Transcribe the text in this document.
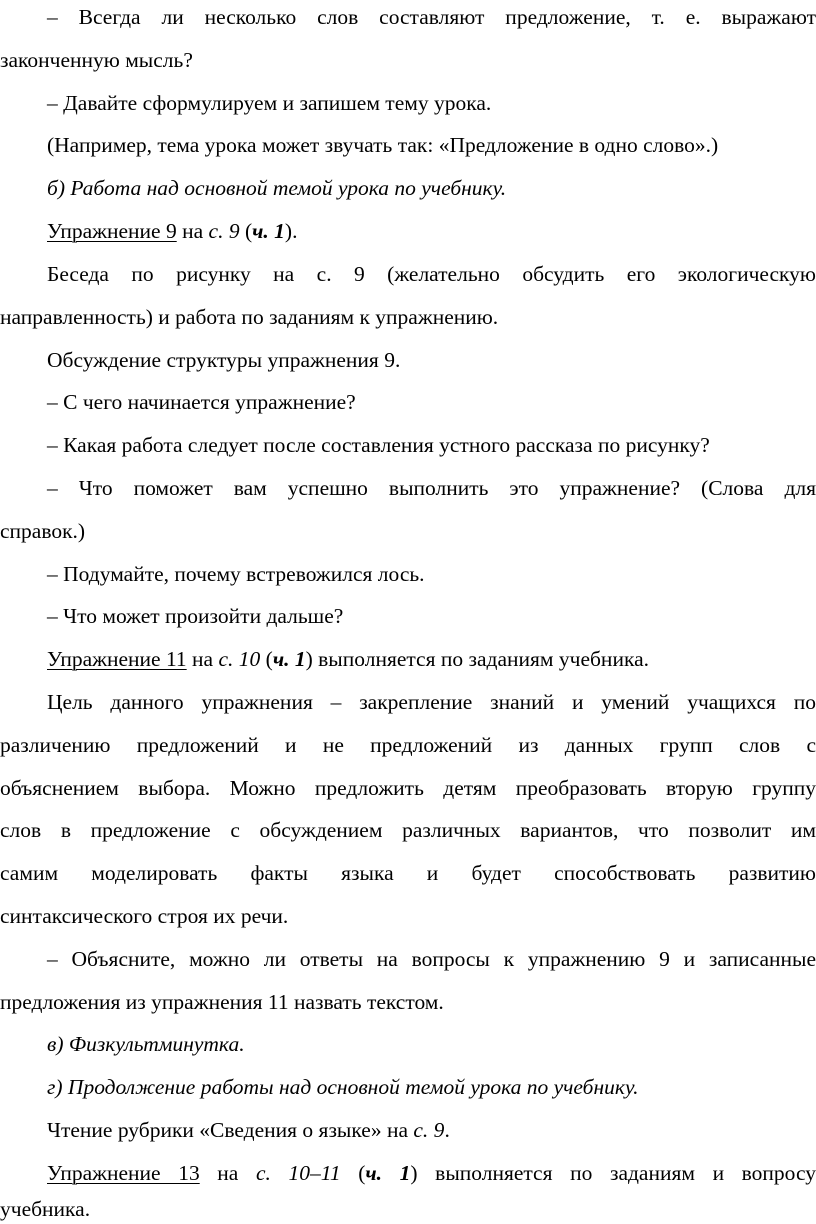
– Всегда ли несколько слов составляют предложение, т. е. выражают
законченную мысль?
– Давайте сформулируем и запишем тему урока.
(Например, тема урока может звучать так: «Предложение в одно слово».)
б) Работа над основной темой урока по учебнику.
Упражнение 9 на с. 9 (ч. 1).
Беседа по рисунку на с. 9 (желательно обсудить его экологическую
направленность) и работа по заданиям к упражнению.
Обсуждение структуры упражнения 9.
– С чего начинается упражнение?
– Какая работа следует после составления устного рассказа по рисунку?
– Что поможет вам успешно выполнить это упражнение? (Слова для
справок.)
– Подумайте, почему встревожился лось.
– Что может произойти дальше?
Упражнение 11 на с. 10 (ч. 1) выполняется по заданиям учебника.
Цель данного упражнения – закрепление знаний и умений учащихся по
различению предложений и не предложений из данных групп слов с
объяснением выбора. Можно предложить детям преобразовать вторую группу
слов в предложение с обсуждением различных вариантов, что позволит им
самим моделировать факты языка и будет способствовать развитию
синтаксического строя их речи.
– Объясните, можно ли ответы на вопросы к упражнению 9 и записанные
предложения из упражнения 11 назвать текстом.
в) Физкультминутка.
г) Продолжение работы над основной темой урока по учебнику.
Чтение рубрики «Сведения о языке» на с. 9.
Упражнение 13 на с. 10–11 (ч. 1) выполняется по заданиям и вопросу
учебника.
